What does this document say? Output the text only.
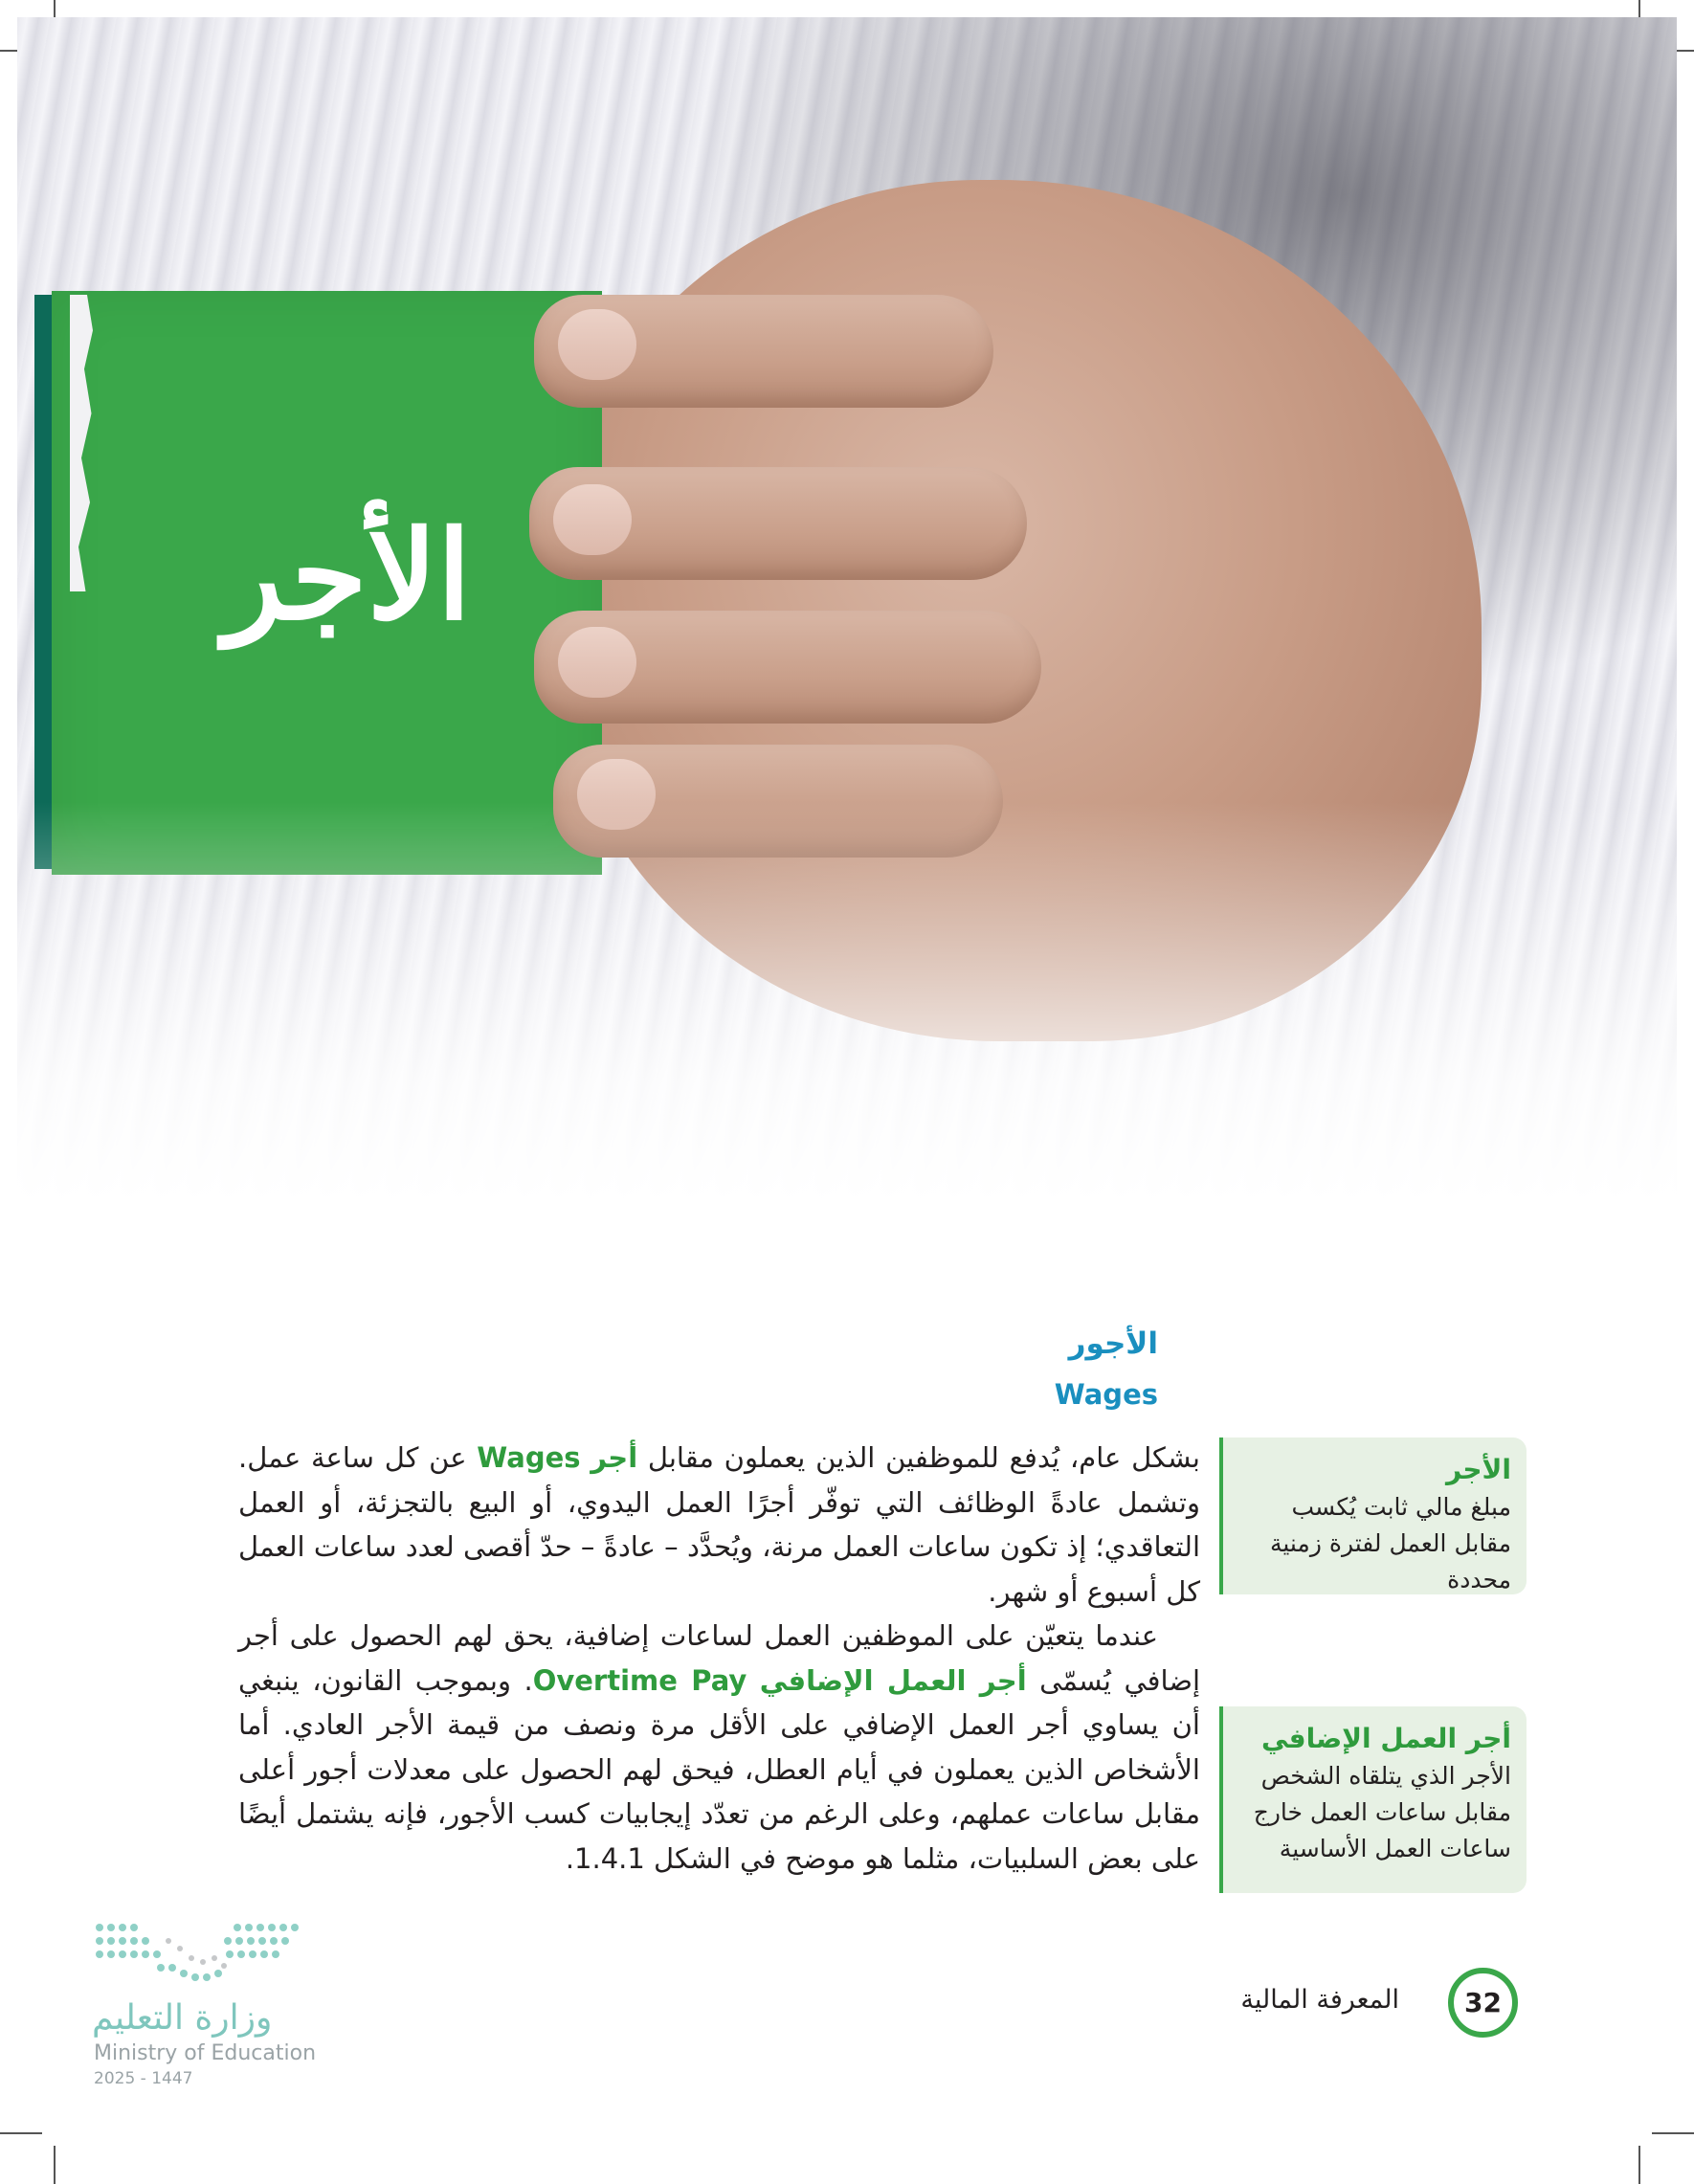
الأجر
الأجور
Wages

بشكل عام، يُدفع للموظفين الذين يعملون مقابل أجر Wages عن كل ساعة عمل. وتشمل عادةً الوظائف التي توفّر أجرًا العمل اليدوي، أو البيع بالتجزئة، أو العمل التعاقدي؛ إذ تكون ساعات العمل مرنة، ويُحدَّد – عادةً – حدّ أقصى لعدد ساعات العمل كل أسبوع أو شهر.

عندما يتعيّن على الموظفين العمل لساعات إضافية، يحق لهم الحصول على أجر إضافي يُسمّى أجر العمل الإضافي Overtime Pay. وبموجب القانون، ينبغي أن يساوي أجر العمل الإضافي على الأقل مرة ونصف من قيمة الأجر العادي. أما الأشخاص الذين يعملون في أيام العطل، فيحق لهم الحصول على معدلات أجور أعلى مقابل ساعات عملهم، وعلى الرغم من تعدّد إيجابيات كسب الأجور، فإنه يشتمل أيضًا على بعض السلبيات، مثلما هو موضح في الشكل 1.4.1.

الأجر
مبلغ مالي ثابت يُكسب مقابل العمل لفترة زمنية محددة
أجر العمل الإضافي
الأجر الذي يتلقاه الشخص مقابل ساعات العمل خارج ساعات العمل الأساسية
32
المعرفة المالية
وزارة التعليم
Ministry of Education
2025 - 1447
